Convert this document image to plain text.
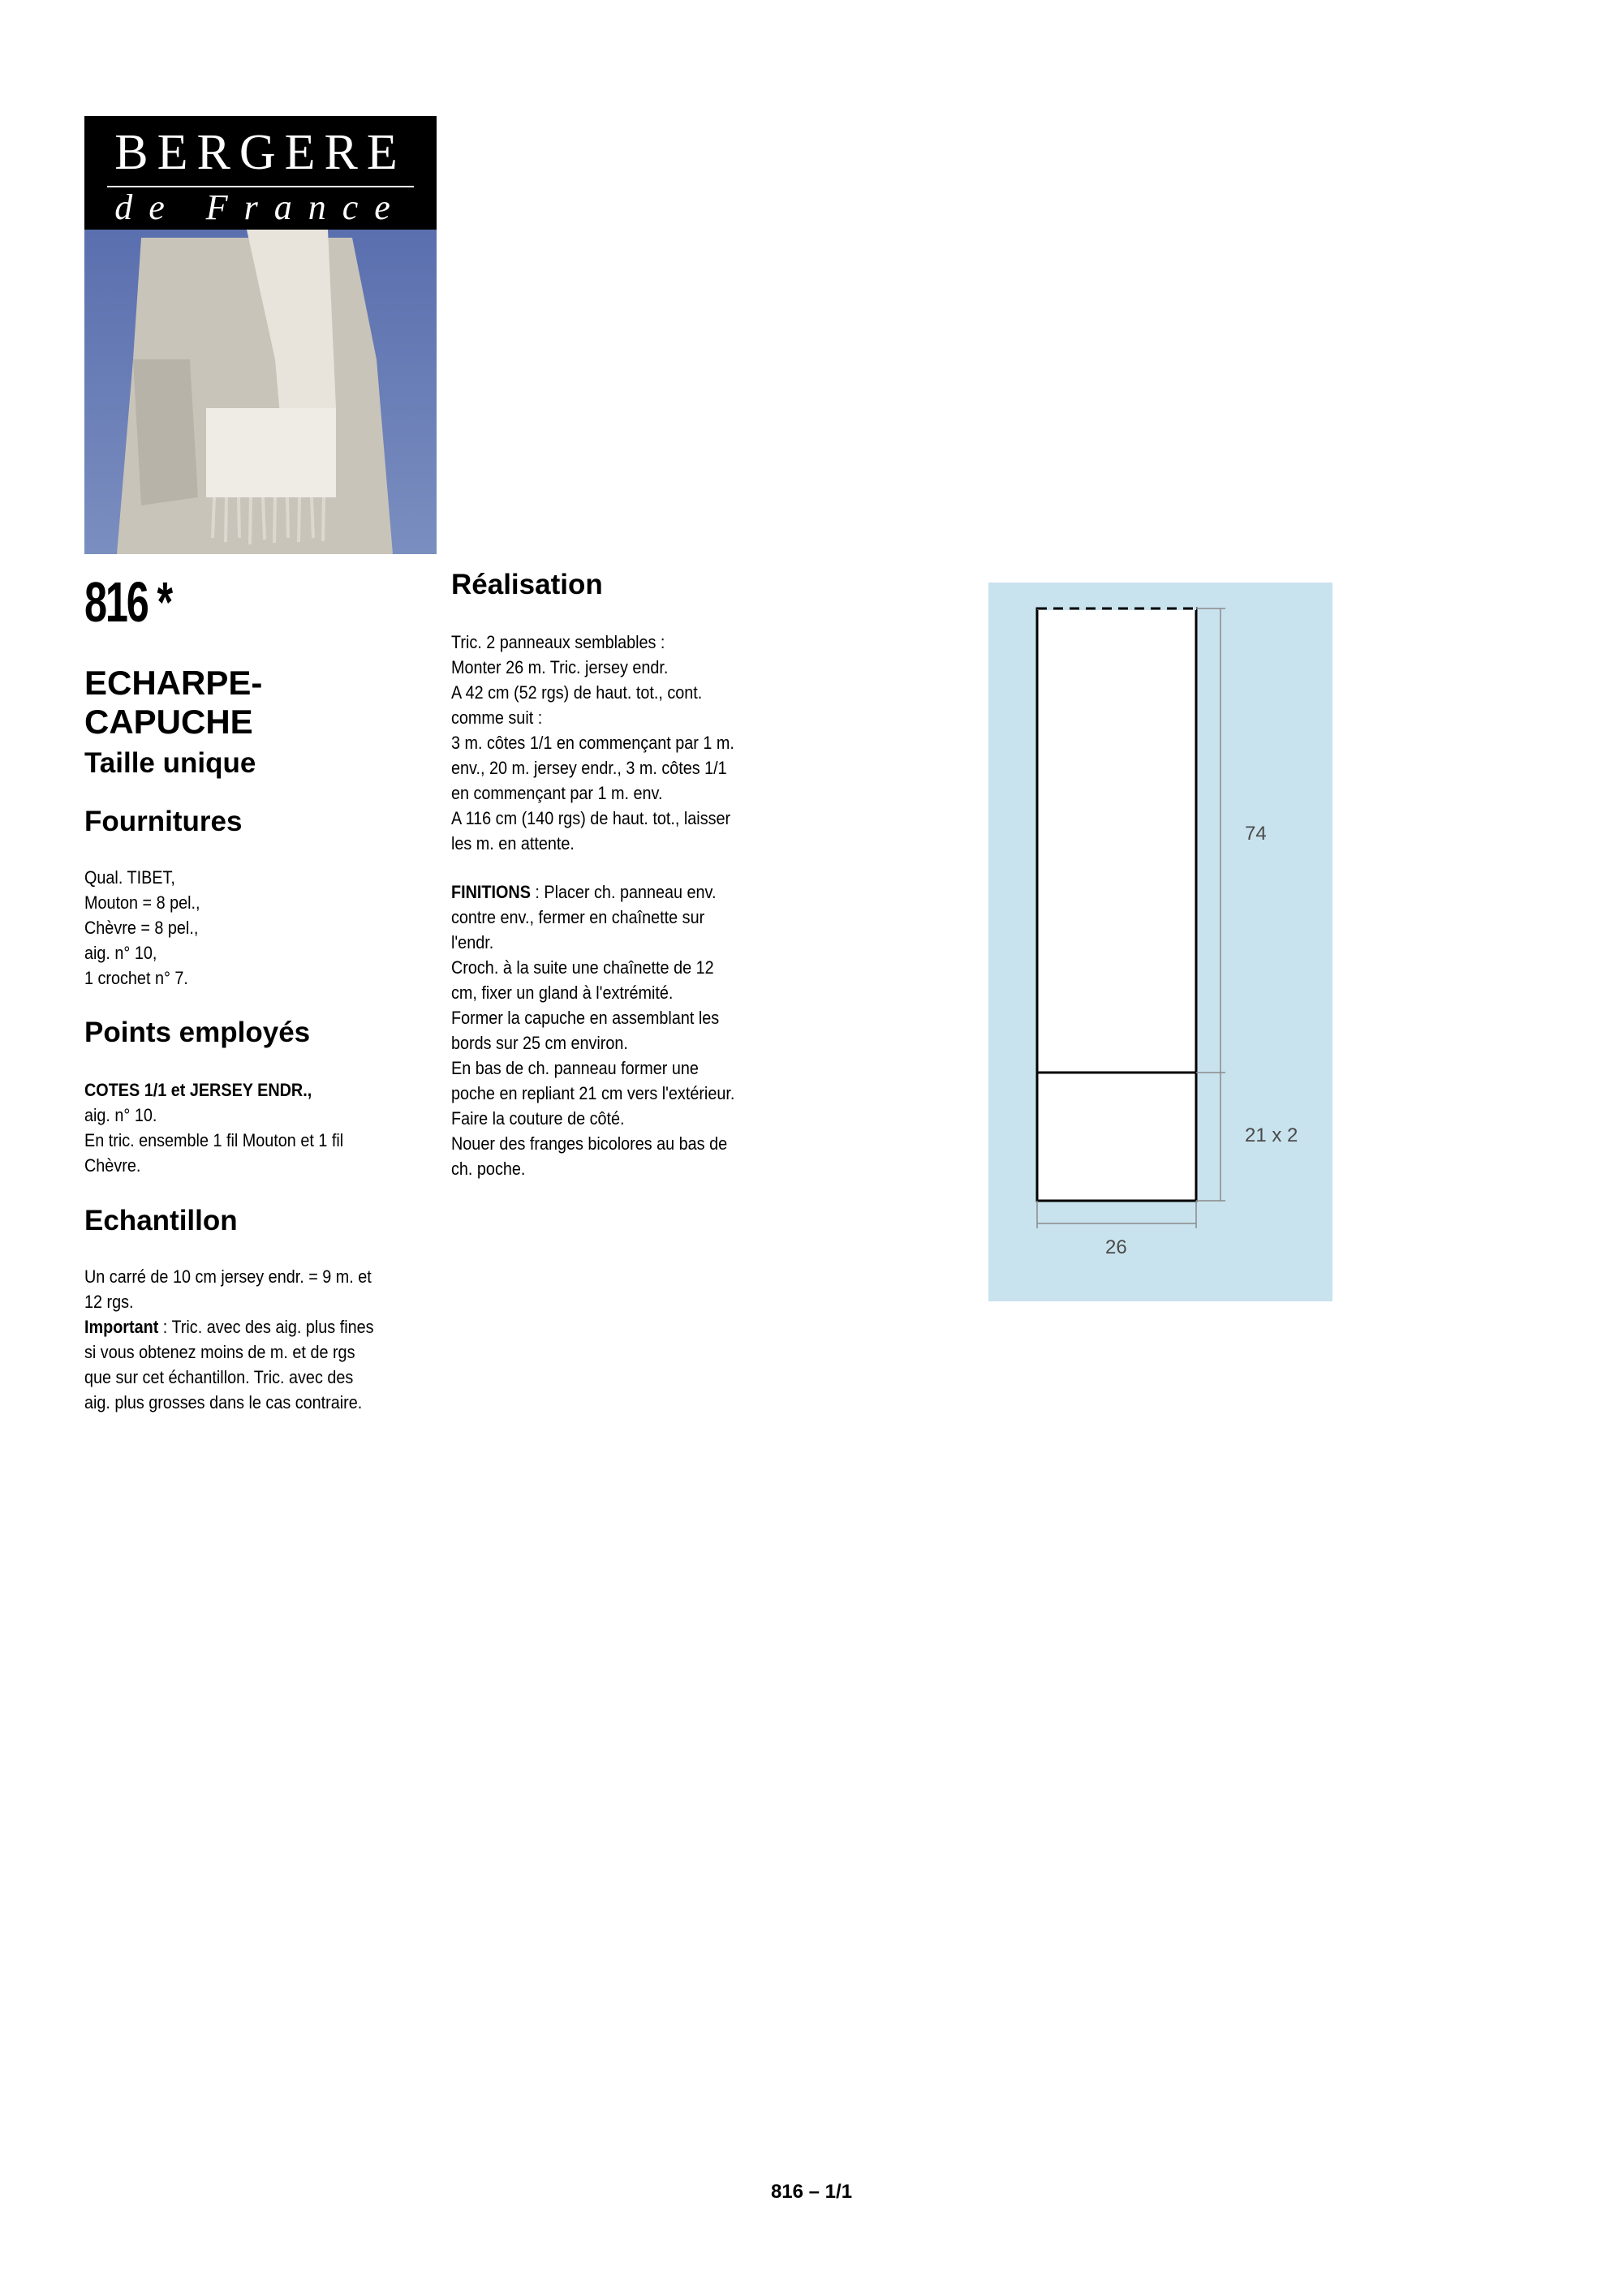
BERGERE
de France
816 *
ECHARPE-
CAPUCHE
Taille unique
Fournitures

Qual. TIBET,

Mouton = 8 pel.,

Chèvre = 8 pel.,

aig. n° 10,

1 crochet n° 7.

Points employés

COTES 1/1 et JERSEY ENDR.,

aig. n° 10.

En tric. ensemble 1 fil Mouton et 1 fil

Chèvre.

Echantillon

Un carré de 10 cm jersey endr. = 9 m. et

12 rgs.

Important : Tric. avec des aig. plus fines

si vous obtenez moins de m. et de rgs

que sur cet échantillon. Tric. avec des

aig. plus grosses dans le cas contraire.

Réalisation

Tric. 2 panneaux semblables :

Monter 26 m. Tric. jersey endr.

A 42 cm (52 rgs) de haut. tot., cont.

comme suit :

3 m. côtes 1/1 en commençant par 1 m.

env., 20 m. jersey endr., 3 m. côtes 1/1

en commençant par 1 m. env.

A 116 cm (140 rgs) de haut. tot., laisser

les m. en attente.

FINITIONS : Placer ch. panneau env.

contre env., fermer en chaînette sur

l'endr.

Croch. à la suite une chaînette de 12

cm, fixer un gland à l'extrémité.

Former la capuche en assemblant les

bords sur 25 cm environ.

En bas de ch. panneau former une

poche en repliant 21 cm vers l'extérieur.

Faire la couture de côté.

Nouer des franges bicolores au bas de

ch. poche.

74
21 x 2
26
816 – 1/1
